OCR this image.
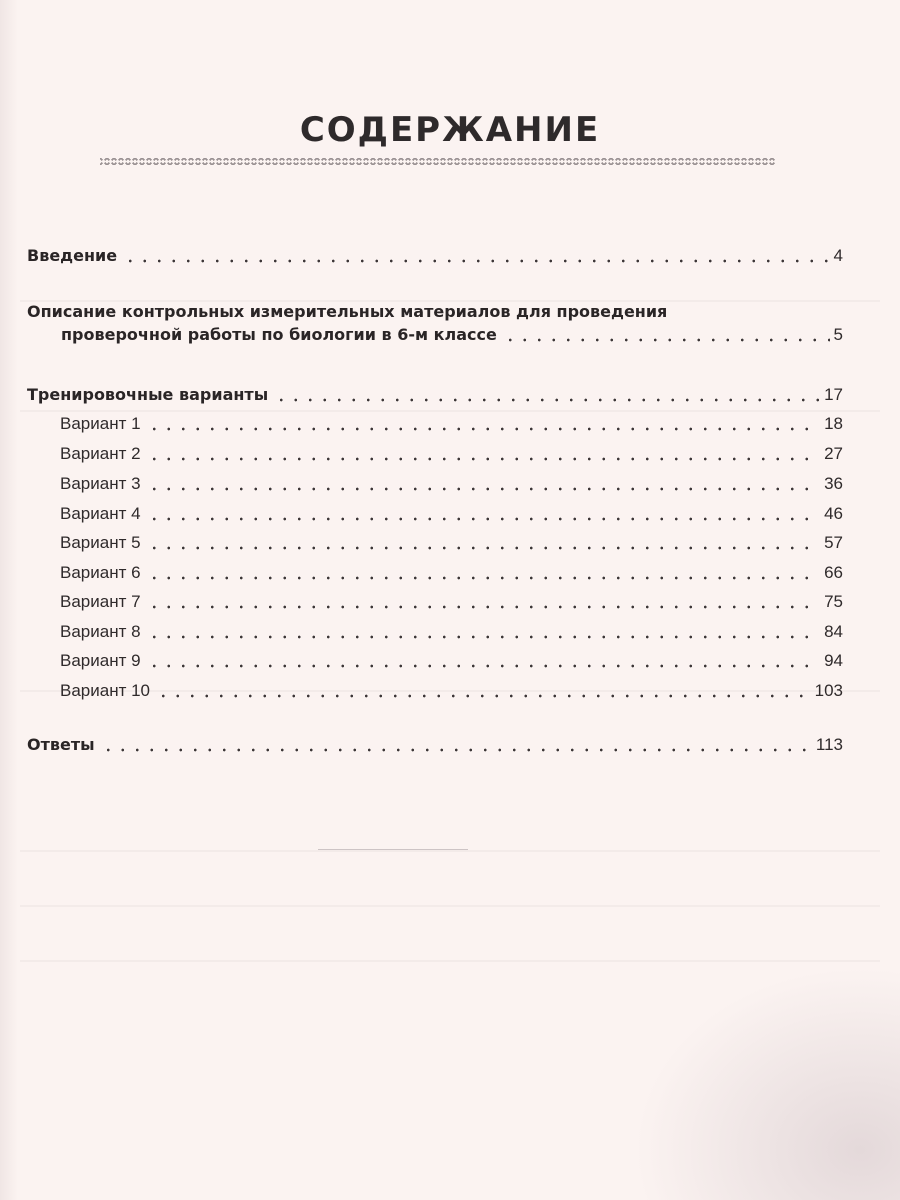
СОДЕРЖАНИЕ
Введение	4
Описание контрольных измерительных материалов для проведения
проверочной работы по биологии в 6-м классе	5
Тренировочные варианты	17
Вариант 1	18
Вариант 2	27
Вариант 3	36
Вариант 4	46
Вариант 5	57
Вариант 6	66
Вариант 7	75
Вариант 8	84
Вариант 9	94
Вариант 10	103
Ответы	113
